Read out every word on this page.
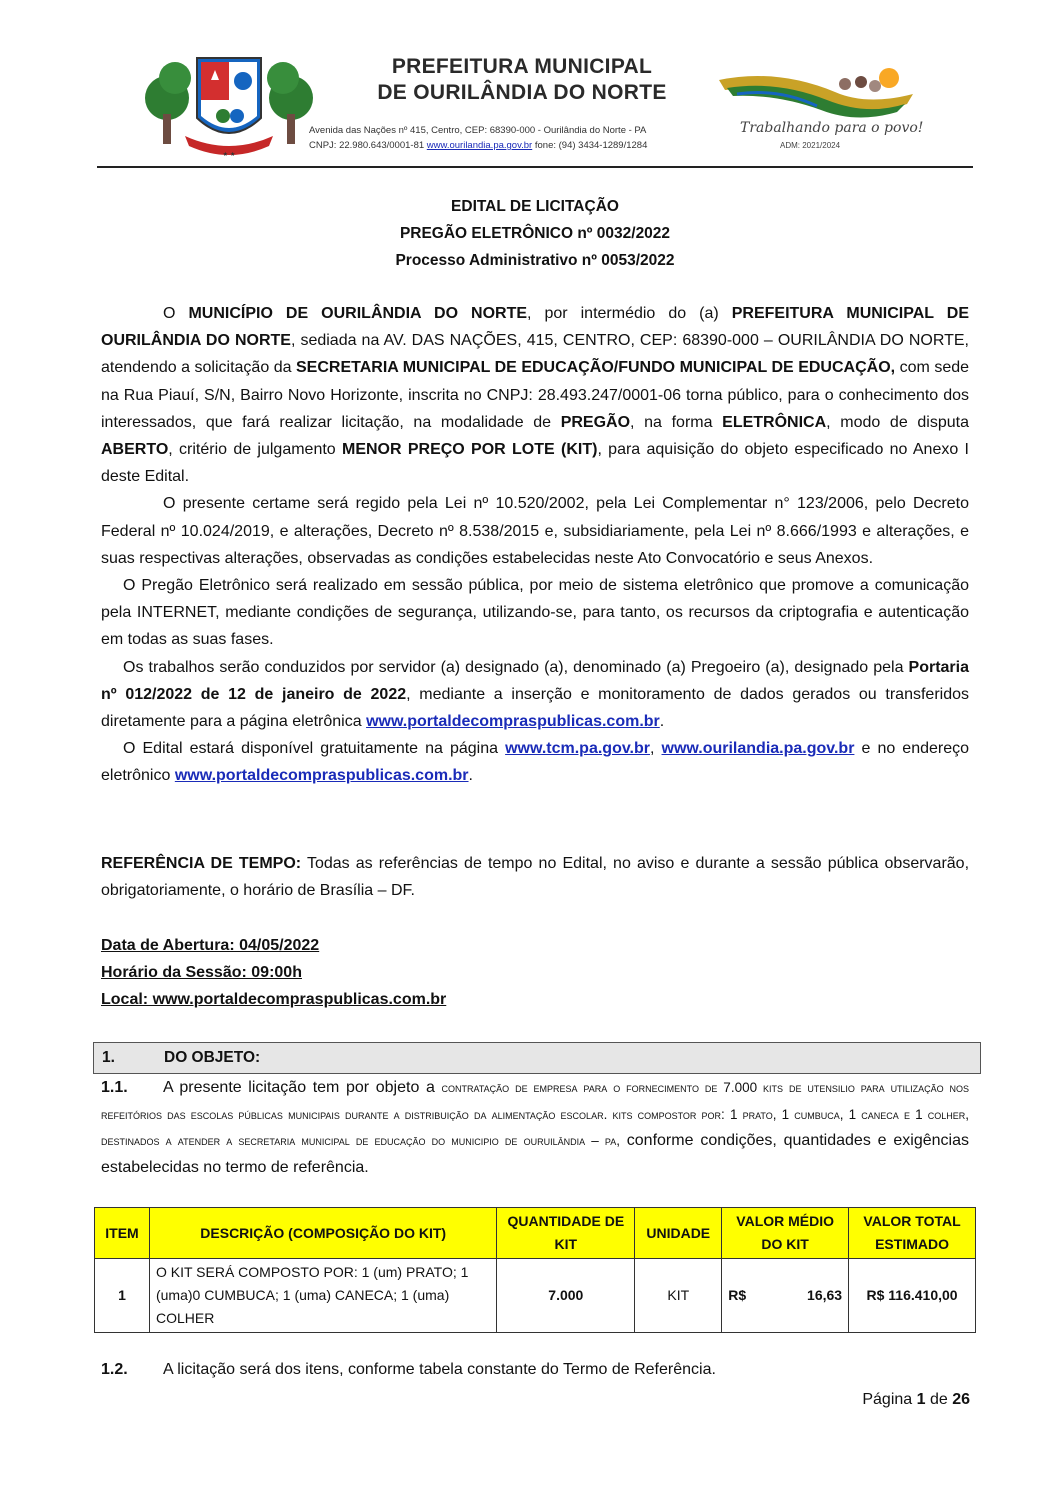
★ ★
PREFEITURA MUNICIPAL
DE OURILÂNDIA DO NORTE
Avenida das Nações nº 415, Centro, CEP: 68390-000 - Ourilândia do Norte - PA
CNPJ: 22.980.643/0001-81 www.ourilandia.pa.gov.br fone: (94) 3434-1289/1284
Trabalhando para o povo!
ADM: 2021/2024
EDITAL DE LICITAÇÃO
PREGÃO ELETRÔNICO nº 0032/2022
Processo Administrativo nº 0053/2022

O MUNICÍPIO DE OURILÂNDIA DO NORTE, por intermédio do (a) PREFEITURA MUNICIPAL DE OURILÂNDIA DO NORTE, sediada na AV. DAS NAÇÕES, 415, CENTRO, CEP: 68390-000 – OURILÂNDIA DO NORTE, atendendo a solicitação da SECRETARIA MUNICIPAL DE EDUCAÇÃO/FUNDO MUNICIPAL DE EDUCAÇÃO, com sede na Rua Piauí, S/N, Bairro Novo Horizonte, inscrita no CNPJ: 28.493.247/0001-06 torna público, para o conhecimento dos interessados, que fará realizar licitação, na modalidade de PREGÃO, na forma ELETRÔNICA, modo de disputa ABERTO, critério de julgamento MENOR PREÇO POR LOTE (KIT), para aquisição do objeto especificado no Anexo I deste Edital.

O presente certame será regido pela Lei nº 10.520/2002, pela Lei Complementar n° 123/2006, pelo Decreto Federal nº 10.024/2019, e alterações, Decreto nº 8.538/2015 e, subsidiariamente, pela Lei nº 8.666/1993 e alterações, e suas respectivas alterações, observadas as condições estabelecidas neste Ato Convocatório e seus Anexos.

O Pregão Eletrônico será realizado em sessão pública, por meio de sistema eletrônico que promove a comunicação pela INTERNET, mediante condições de segurança, utilizando-se, para tanto, os recursos da criptografia e autenticação em todas as suas fases.

Os trabalhos serão conduzidos por servidor (a) designado (a), denominado (a) Pregoeiro (a), designado pela Portaria nº 012/2022 de 12 de janeiro de 2022, mediante a inserção e monitoramento de dados gerados ou transferidos diretamente para a página eletrônica www.portaldecompraspublicas.com.br.

O Edital estará disponível gratuitamente na página www.tcm.pa.gov.br, www.ourilandia.pa.gov.br e no endereço eletrônico www.portaldecompraspublicas.com.br.

REFERÊNCIA DE TEMPO: Todas as referências de tempo no Edital, no aviso e durante a sessão pública observarão, obrigatoriamente, o horário de Brasília – DF.

Data de Abertura: 04/05/2022
Horário da Sessão: 09:00h
Local: www.portaldecompraspublicas.com.br
1.	DO OBJETO:
1.1. A presente licitação tem por objeto a contratação de empresa para o fornecimento de 7.000 kits de utensilio para utilização nos refeitórios das escolas públicas municipais durante a distribuição da alimentação escolar. kits compostor por: 1 prato, 1 cumbuca, 1 caneca e 1 colher, destinados a atender a secretaria municipal de educação do municipio de ouruilândia – pa, conforme condições, quantidades e exigências estabelecidas no termo de referência.
ITEM	DESCRIÇÃO (COMPOSIÇÃO DO KIT)	QUANTIDADE DE KIT	UNIDADE	VALOR MÉDIO DO KIT	VALOR TOTAL ESTIMADO
1	O KIT SERÁ COMPOSTO POR: 1 (um) PRATO; 1 (uma)0 CUMBUCA; 1 (uma) CANECA; 1 (uma) COLHER	7.000	KIT	R$ 16,63	R$ 116.410,00
1.2. A licitação será dos itens, conforme tabela constante do Termo de Referência.
Página 1 de 26
